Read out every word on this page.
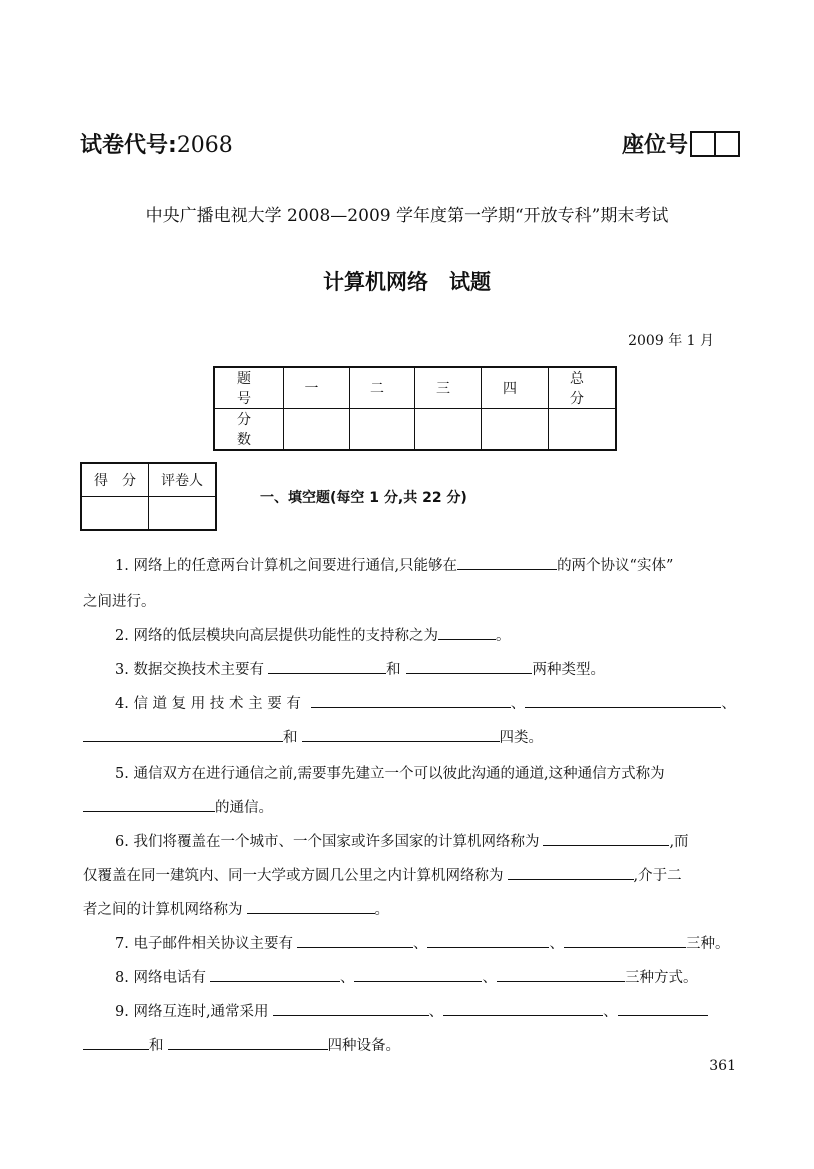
试卷代号:2068	座位号
中央广播电视大学 2008—2009 学年度第一学期“开放专科”期末考试
计算机网络　试题
2009 年 1 月
题　号	一	二	三	四	总　分
分　数					
得　分	评卷人

一、填空题(每空 1 分,共 22 分)
1. 网络上的任意两台计算机之间要进行通信,只能够在	的两个协议“实体”
之间进行。
2. 网络的低层模块向高层提供功能性的支持称之为	。
3. 数据交换技术主要有	和	两种类型。
4. 信 道 复 用 技 术 主 要 有	、	、
和	四类。
5. 通信双方在进行通信之前,需要事先建立一个可以彼此沟通的通道,这种通信方式称为
的通信。
6. 我们将覆盖在一个城市、一个国家或许多国家的计算机网络称为	,而
仅覆盖在同一建筑内、同一大学或方圆几公里之内计算机网络称为	,介于二
者之间的计算机网络称为	。
7. 电子邮件相关协议主要有	、	、	三种。
8. 网络电话有	、	、	三种方式。
9. 网络互连时,通常采用	、	、
和	四种设备。
361
